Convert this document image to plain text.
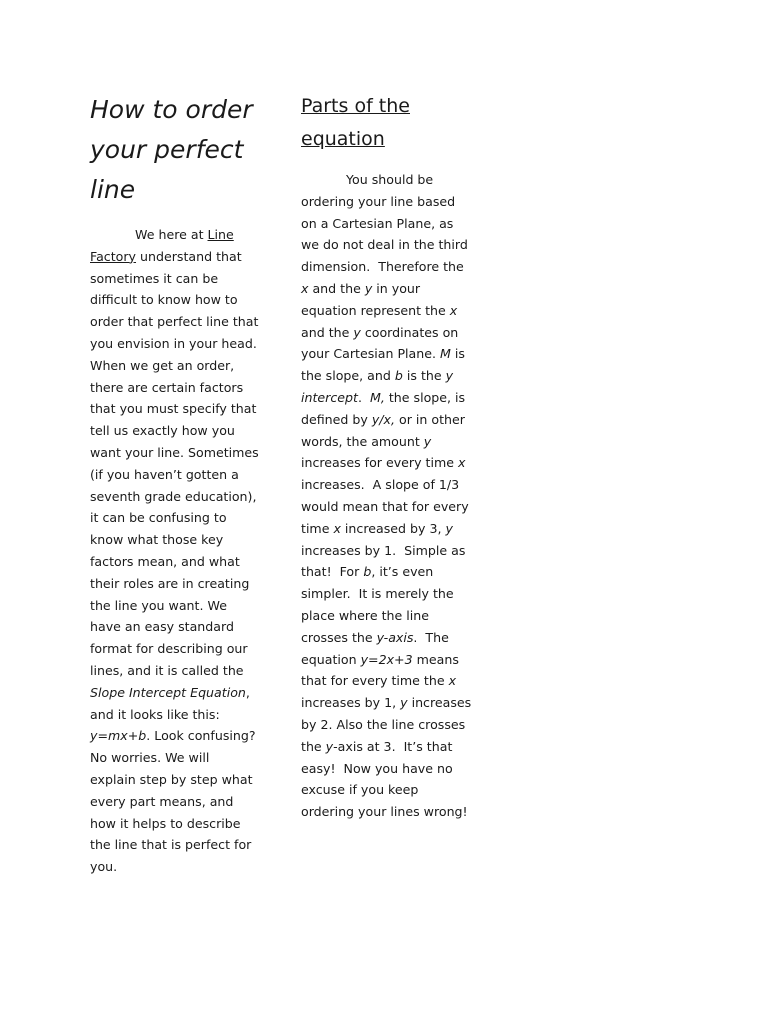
How to order
your perfect
line
We here at Line
Factory understand that
sometimes it can be
difficult to know how to
order that perfect line that
you envision in your head.
When we get an order,
there are certain factors
that you must specify that
tell us exactly how you
want your line. Sometimes
(if you haven’t gotten a
seventh grade education),
it can be confusing to
know what those key
factors mean, and what
their roles are in creating
the line you want. We
have an easy standard
format for describing our
lines, and it is called the
Slope Intercept Equation,
and it looks like this:
y=mx+b. Look confusing?
No worries. We will
explain step by step what
every part means, and
how it helps to describe
the line that is perfect for
you.
Parts of the
equation
You should be
ordering your line based
on a Cartesian Plane, as
we do not deal in the third
dimension.  Therefore the
x and the y in your
equation represent the x
and the y coordinates on
your Cartesian Plane. M is
the slope, and b is the y
intercept.  M, the slope, is
defined by y/x, or in other
words, the amount y
increases for every time x
increases.  A slope of 1/3
would mean that for every
time x increased by 3, y
increases by 1.  Simple as
that!  For b, it’s even
simpler.  It is merely the
place where the line
crosses the y-axis.  The
equation y=2x+3 means
that for every time the x
increases by 1, y increases
by 2. Also the line crosses
the y-axis at 3.  It’s that
easy!  Now you have no
excuse if you keep
ordering your lines wrong!
